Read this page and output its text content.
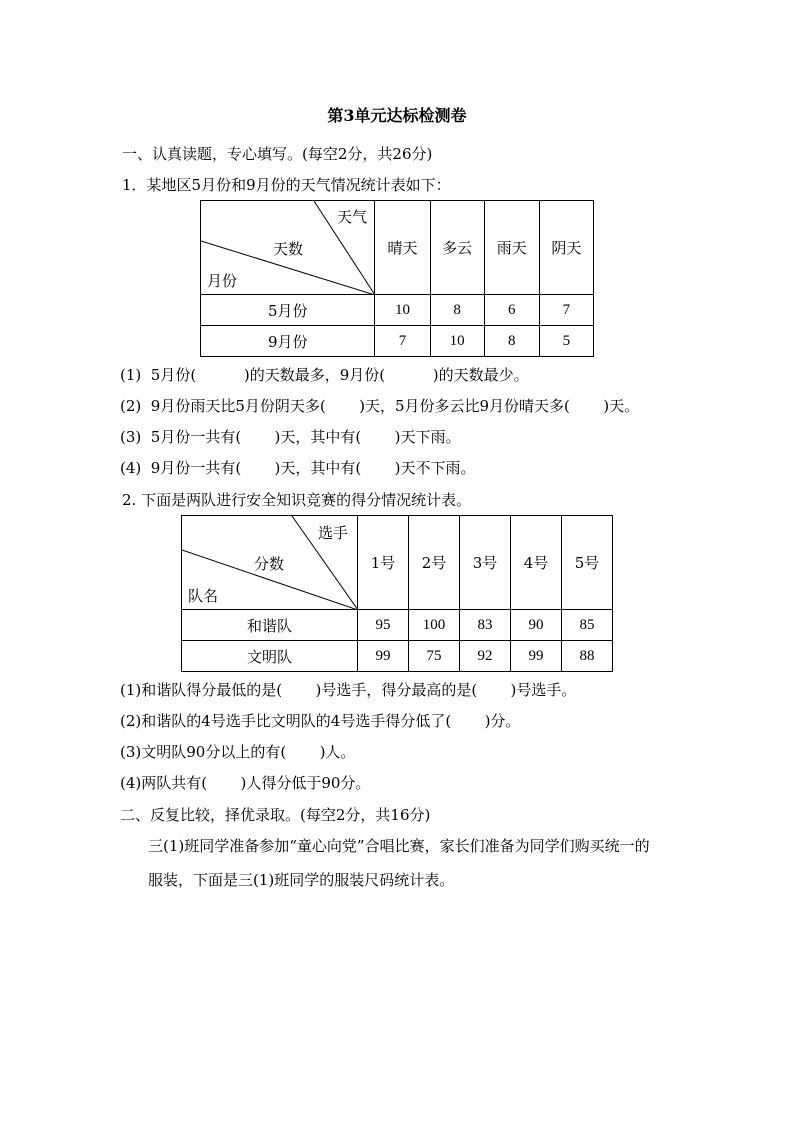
第3单元达标检测卷
一、认真读题，专心填写。(每空2分，共26分)
1．某地区5月份和9月份的天气情况统计表如下：
天气
天数
月份	晴天	多云	雨天	阴天
5月份	10	8	6	7
9月份	7	10	8	5
(1)  5月份(          )的天数最多，9月份(          )的天数最少。
(2)  9月份雨天比5月份阴天多(       )天，5月份多云比9月份晴天多(       )天。
(3)  5月份一共有(       )天，其中有(       )天下雨。
(4)  9月份一共有(       )天，其中有(       )天不下雨。
2. 下面是两队进行安全知识竞赛的得分情况统计表。
选手
分数
队名	1号	2号	3号	4号	5号
和谐队	95	100	83	90	85
文明队	99	75	92	99	88
(1)和谐队得分最低的是(       )号选手，得分最高的是(       )号选手。
(2)和谐队的4号选手比文明队的4号选手得分低了(       )分。
(3)文明队90分以上的有(       )人。
(4)两队共有(       )人得分低于90分。
二、反复比较，择优录取。(每空2分，共16分)
三(1)班同学准备参加“童心向党”合唱比赛，家长们准备为同学们购买统一的
服装，下面是三(1)班同学的服装尺码统计表。
